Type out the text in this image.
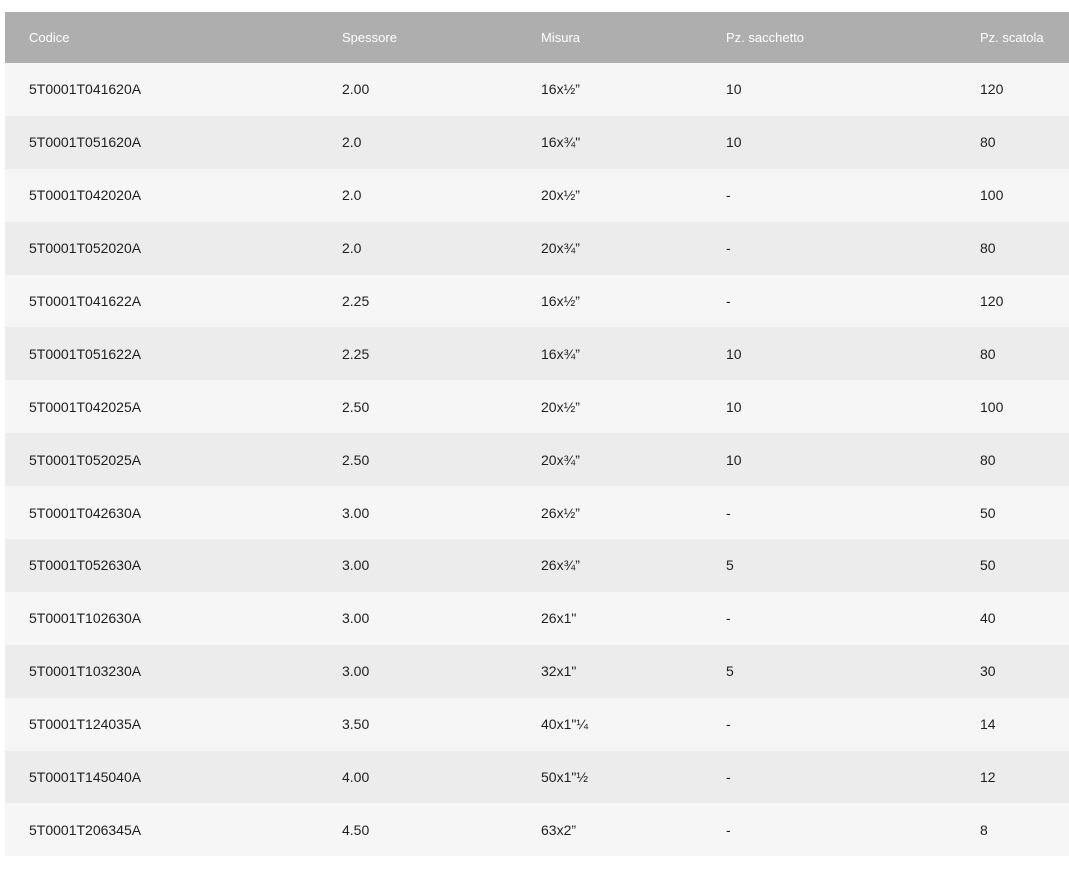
Codice	Spessore	Misura	Pz. sacchetto	Pz. scatola
5T0001T041620A	2.00	16x½”	10	120
5T0001T051620A	2.0	16x¾"	10	80
5T0001T042020A	2.0	20x½”	-	100
5T0001T052020A	2.0	20x¾”	-	80
5T0001T041622A	2.25	16x½”	-	120
5T0001T051622A	2.25	16x¾”	10	80
5T0001T042025A	2.50	20x½”	10	100
5T0001T052025A	2.50	20x¾”	10	80
5T0001T042630A	3.00	26x½”	-	50
5T0001T052630A	3.00	26x¾”	5	50
5T0001T102630A	3.00	26x1"	-	40
5T0001T103230A	3.00	32x1"	5	30
5T0001T124035A	3.50	40x1"¼	-	14
5T0001T145040A	4.00	50x1"½	-	12
5T0001T206345A	4.50	63x2”	-	8
